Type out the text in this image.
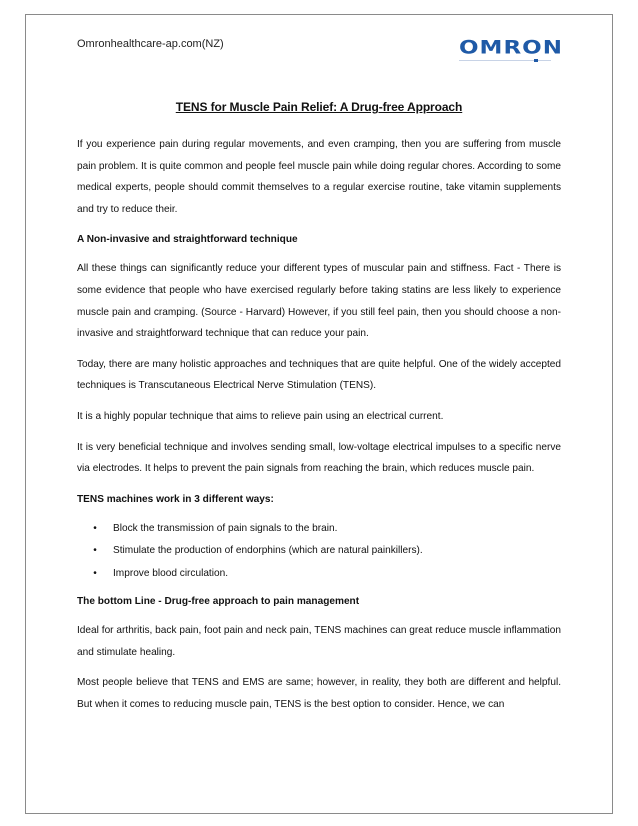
Omronhealthcare-ap.com(NZ)	OMRON
TENS for Muscle Pain Relief: A Drug-free Approach

If you experience pain during regular movements, and even cramping, then you are suffering from muscle pain problem. It is quite common and people feel muscle pain while doing regular chores. According to some medical experts, people should commit themselves to a regular exercise routine, take vitamin supplements and try to reduce their.

A Non-invasive and straightforward technique

All these things can significantly reduce your different types of muscular pain and stiffness. Fact - There is some evidence that people who have exercised regularly before taking statins are less likely to experience muscle pain and cramping. (Source - Harvard) However, if you still feel pain, then you should choose a non-invasive and straightforward technique that can reduce your pain.

Today, there are many holistic approaches and techniques that are quite helpful. One of the widely accepted techniques is Transcutaneous Electrical Nerve Stimulation (TENS).

It is a highly popular technique that aims to relieve pain using an electrical current.

It is very beneficial technique and involves sending small, low-voltage electrical impulses to a specific nerve via electrodes. It helps to prevent the pain signals from reaching the brain, which reduces muscle pain.

TENS machines work in 3 different ways:
•	Block the transmission of pain signals to the brain.
•	Stimulate the production of endorphins (which are natural painkillers).
•	Improve blood circulation.
The bottom Line - Drug-free approach to pain management

Ideal for arthritis, back pain, foot pain and neck pain, TENS machines can great reduce muscle inflammation and stimulate healing.

Most people believe that TENS and EMS are same; however, in reality, they both are different and helpful. But when it comes to reducing muscle pain, TENS is the best option to consider. Hence, we can
